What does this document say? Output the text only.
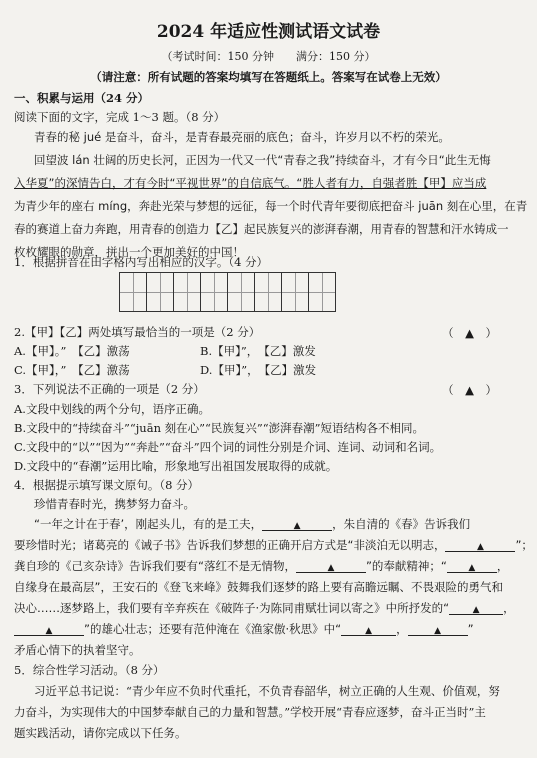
2024 年适应性测试语文试卷
（考试时间：150 分钟　　满分：150 分）
（请注意：所有试题的答案均填写在答题纸上。答案写在试卷上无效）
一、积累与运用（24 分）
阅读下面的文字，完成 1～3 题。（8 分）
青春的秘 jué 是奋斗，奋斗，是青春最亮丽的底色；奋斗，许岁月以不朽的荣光。
回望波 lán 壮阔的历史长河，正因为一代又一代“青春之我”持续奋斗，才有今日“此生无悔
入华夏”的深情告白，才有今时“平视世界”的自信底气。“胜人者有力，自强者胜【甲】应当成
为青少年的座右 míng，奔赴光荣与梦想的远征，每一个时代青年要彻底把奋斗 juān 刻在心里，在青
春的赛道上奋力奔跑，用青春的创造力【乙】起民族复兴的澎湃春潮，用青春的智慧和汗水铸成一
枚枚耀眼的勋章，拼出一个更加美好的中国！
1．根据拼音在田字格内写出相应的汉字。（4 分）
2.【甲】【乙】两处填写最恰当的一项是（2 分）	（　▲　）
A.【甲】。”　【乙】激荡	B.【甲】”，　【乙】激发
C.【甲】，”　【乙】激荡	D.【甲】”，　【乙】激发
3．下列说法不正确的一项是（2 分）	（　▲　）
A.文段中划线的两个分句，语序正确。
B.文段中的“持续奋斗”“juān 刻在心”“民族复兴”“澎湃春潮”短语结构各不相同。
C.文段中的“以”“因为”“奔赴”“奋斗”四个词的词性分别是介词、连词、动词和名词。
D.文段中的“春潮”运用比喻，形象地写出祖国发展取得的成就。
4．根据提示填写课文原句。（8 分）
珍惜青春时光，携梦努力奋斗。
“一年之计在于春’，刚起头儿，有的是工夫，	▲	，朱自清的《春》告诉我们
要珍惜时光；诸葛亮的《诫子书》告诉我们梦想的正确开启方式是“非淡泊无以明志，	▲	”；
龚自珍的《己亥杂诗》告诉我们要有“落红不是无情物，	▲	”的奉献精神；“ ▲ ，
自缘身在最高层”，王安石的《登飞来峰》鼓舞我们逐梦的路上要有高瞻远瞩、不畏艰险的勇气和
决心……逐梦路上，我们要有辛弃疾在《破阵子·为陈同甫赋壮词以寄之》中所抒发的“	▲ ，
▲	”的雄心壮志；还要有范仲淹在《渔家傲·秋思》中“	▲ ，	▲ ”
矛盾心情下的执着坚守。
5．综合性学习活动。（8 分）
习近平总书记说：“青少年应不负时代重托，不负青春韶华，树立正确的人生观、价值观，努
力奋斗，为实现伟大的中国梦奉献自己的力量和智慧。”学校开展“青春应逐梦，奋斗正当时”主
题实践活动，请你完成以下任务。
